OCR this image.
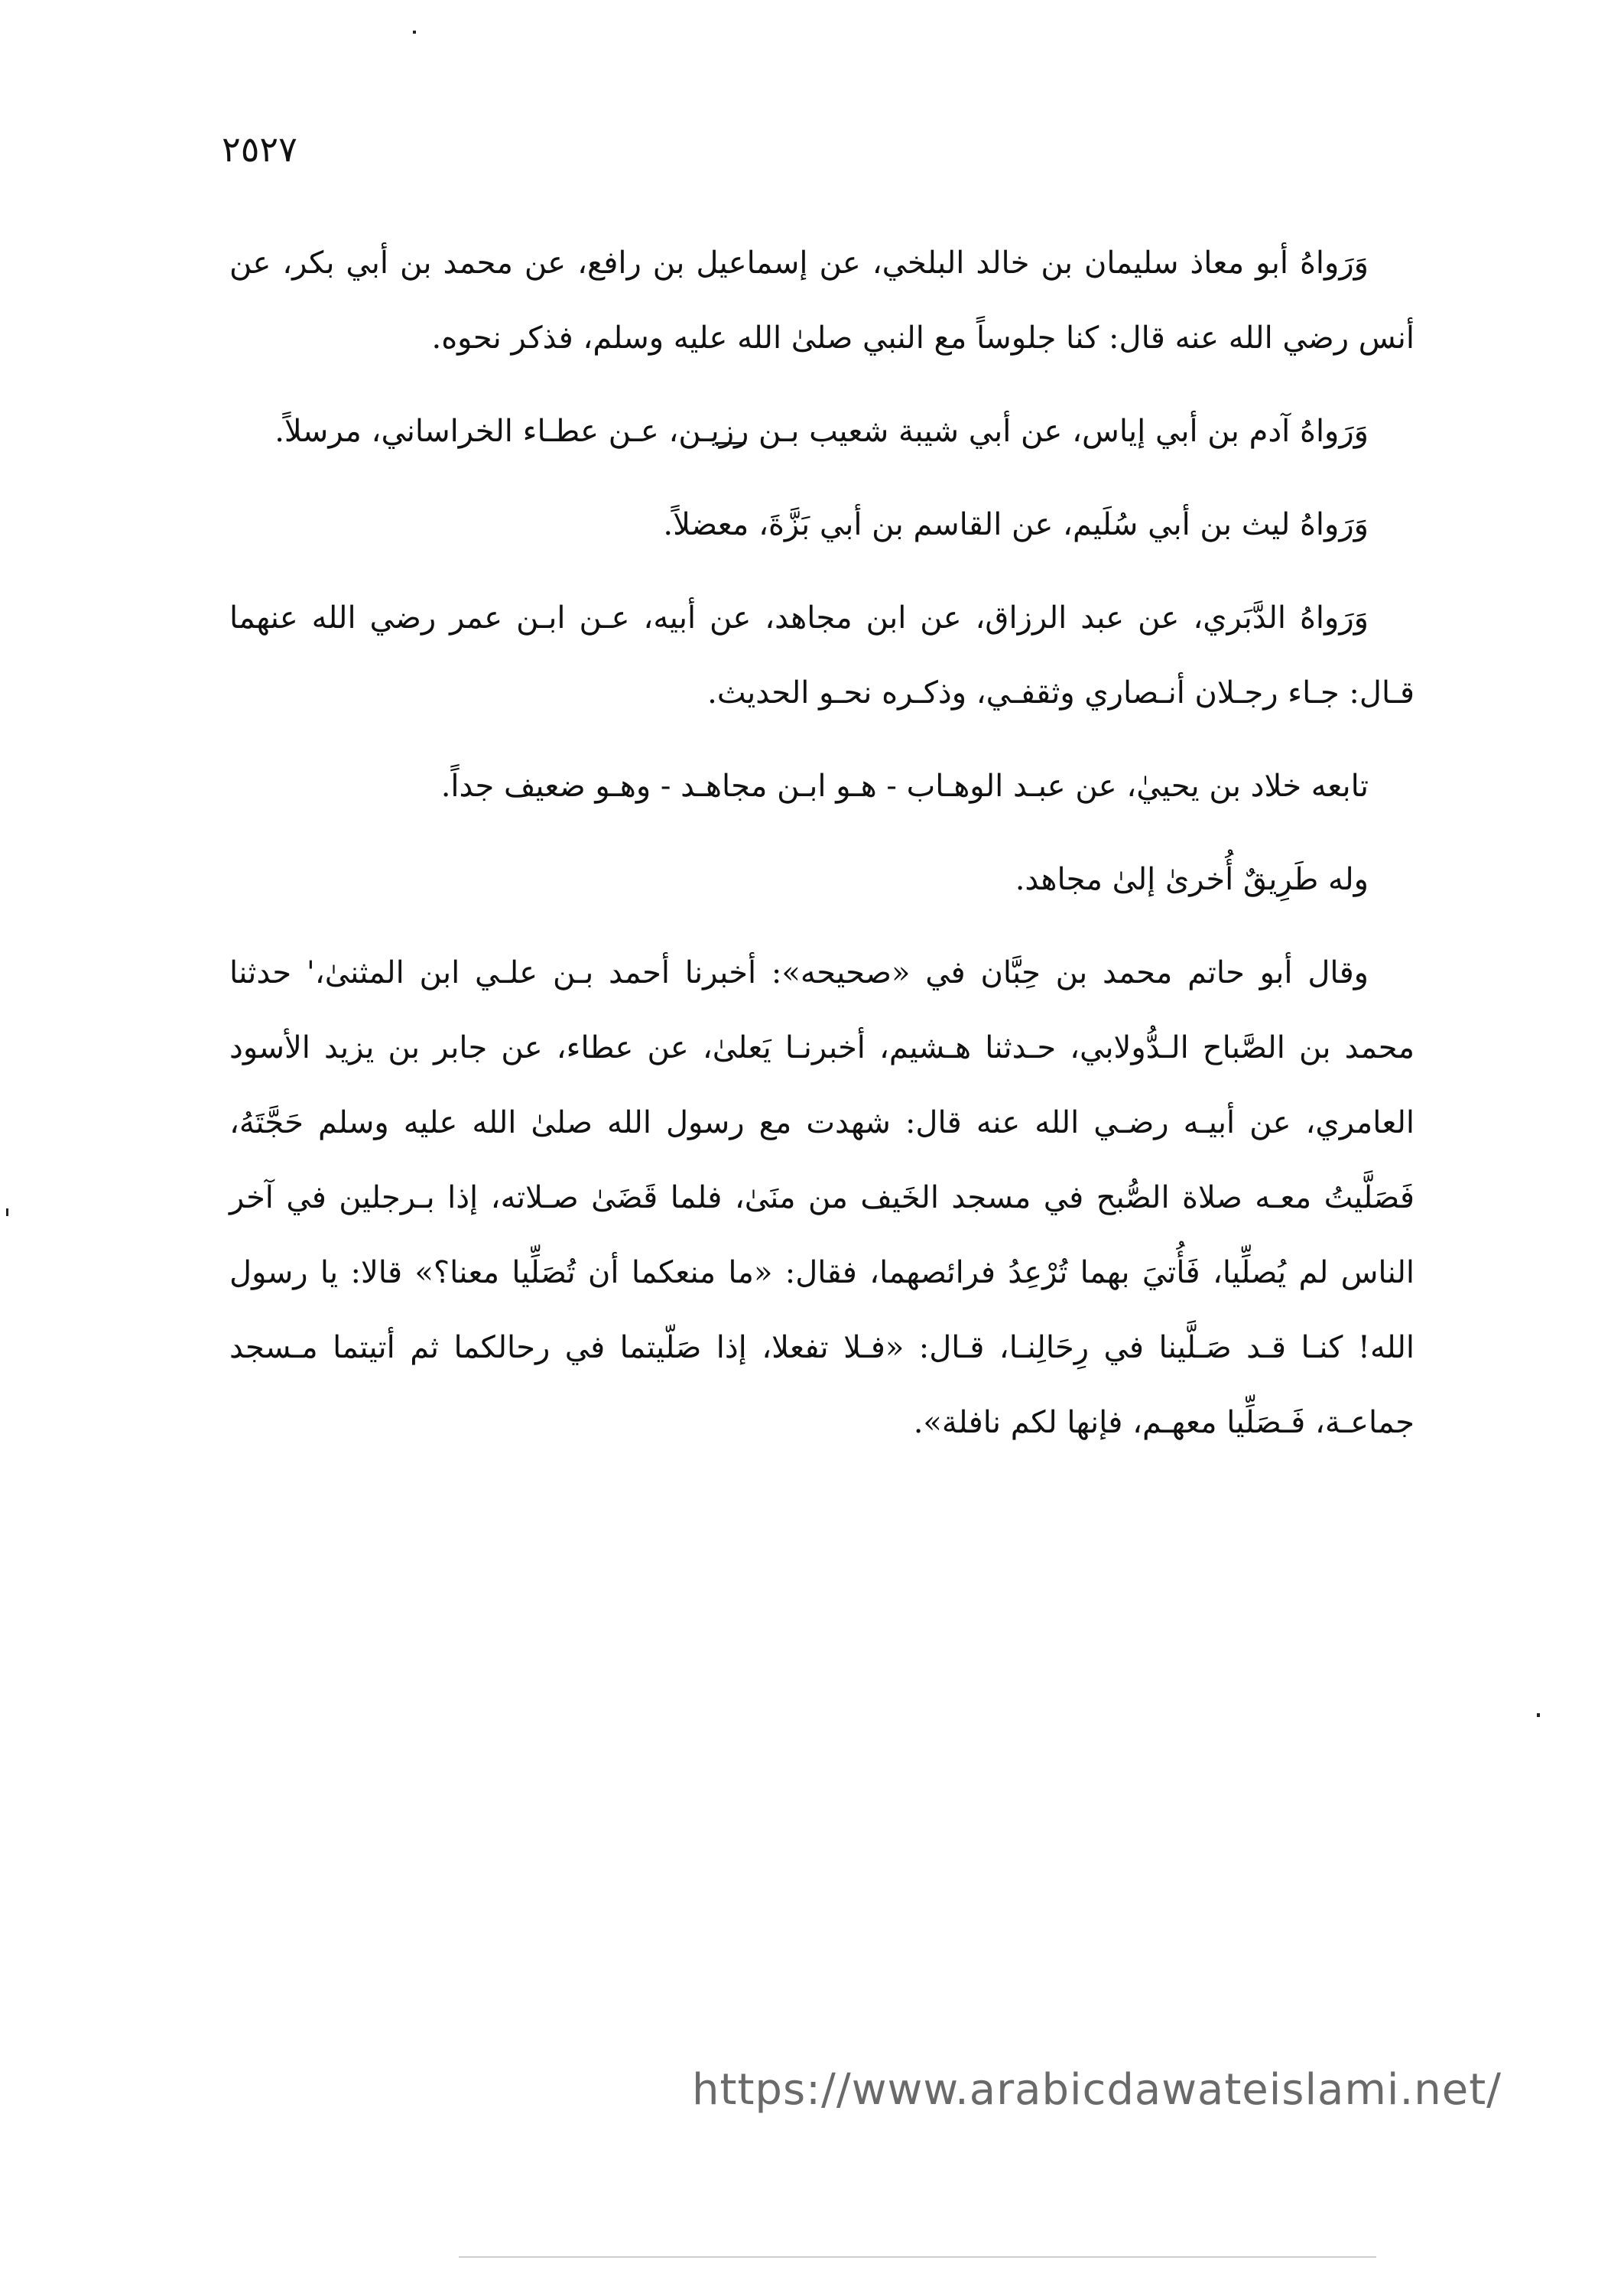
٢٥٢٧

وَرَواهُ أبو معاذ سليمان بن خالد البلخي، عن إسماعيل بن رافع، عن محمد بن أبي بكر، عن أنس رضي الله عنه قال: كنا جلوساً مع النبي صلىٰ الله عليه وسلم، فذكر نحوه.

وَرَواهُ آدم بن أبي إياس، عن أبي شيبة شعيب بـن رزيـن، عـن عطـاء الخراساني، مرسلاً.

وَرَواهُ ليث بن أبي سُلَيم، عن القاسم بن أبي بَزَّةَ، معضلاً.

وَرَواهُ الدَّبَري، عن عبد الرزاق، عن ابن مجاهد، عن أبيه، عـن ابـن عمر رضي الله عنهما قـال: جـاء رجـلان أنـصاري وثقفـي، وذكـره نحـو الحديث.

تابعه خلاد بن يحييٰ، عن عبـد الوهـاب - هـو ابـن مجاهـد - وهـو ضعيف جداً.

وله طَرِيقٌ أُخرىٰ إلىٰ مجاهد.

وقال أبو حاتم محمد بن حِبَّان في «صحيحه»: أخبرنا أحمد بـن علـي ابن المثنىٰ،' حدثنا محمد بن الصَّباح الـدُّولابي، حـدثنا هـشيم، أخبرنـا يَعلىٰ، عن عطاء، عن جابر بن يزيد الأسود العامري، عن أبيـه رضـي الله عنه قال: شهدت مع رسول الله صلىٰ الله عليه وسلم حَجَّتَهُ، فَصَلَّيتُ معـه صلاة الصُّبح في مسجد الخَيف من منَىٰ، فلما قَضَىٰ صـلاته، إذا بـرجلين في آخر الناس لم يُصلِّيا، فَأُتيَ بهما تُرْعِدُ فرائصهما، فقال: «ما منعكما أن تُصَلِّيا معنا؟» قالا: يا رسول الله! كنـا قـد صَـلَّينا في رِحَالِنـا، قـال: «فـلا تفعلا، إذا صَلّيتما في رحالكما ثم أتيتما مـسجد جماعـة، فَـصَلِّيا معهـم، فإنها لكم نافلة».

https://www.arabicdawateislami.net/
